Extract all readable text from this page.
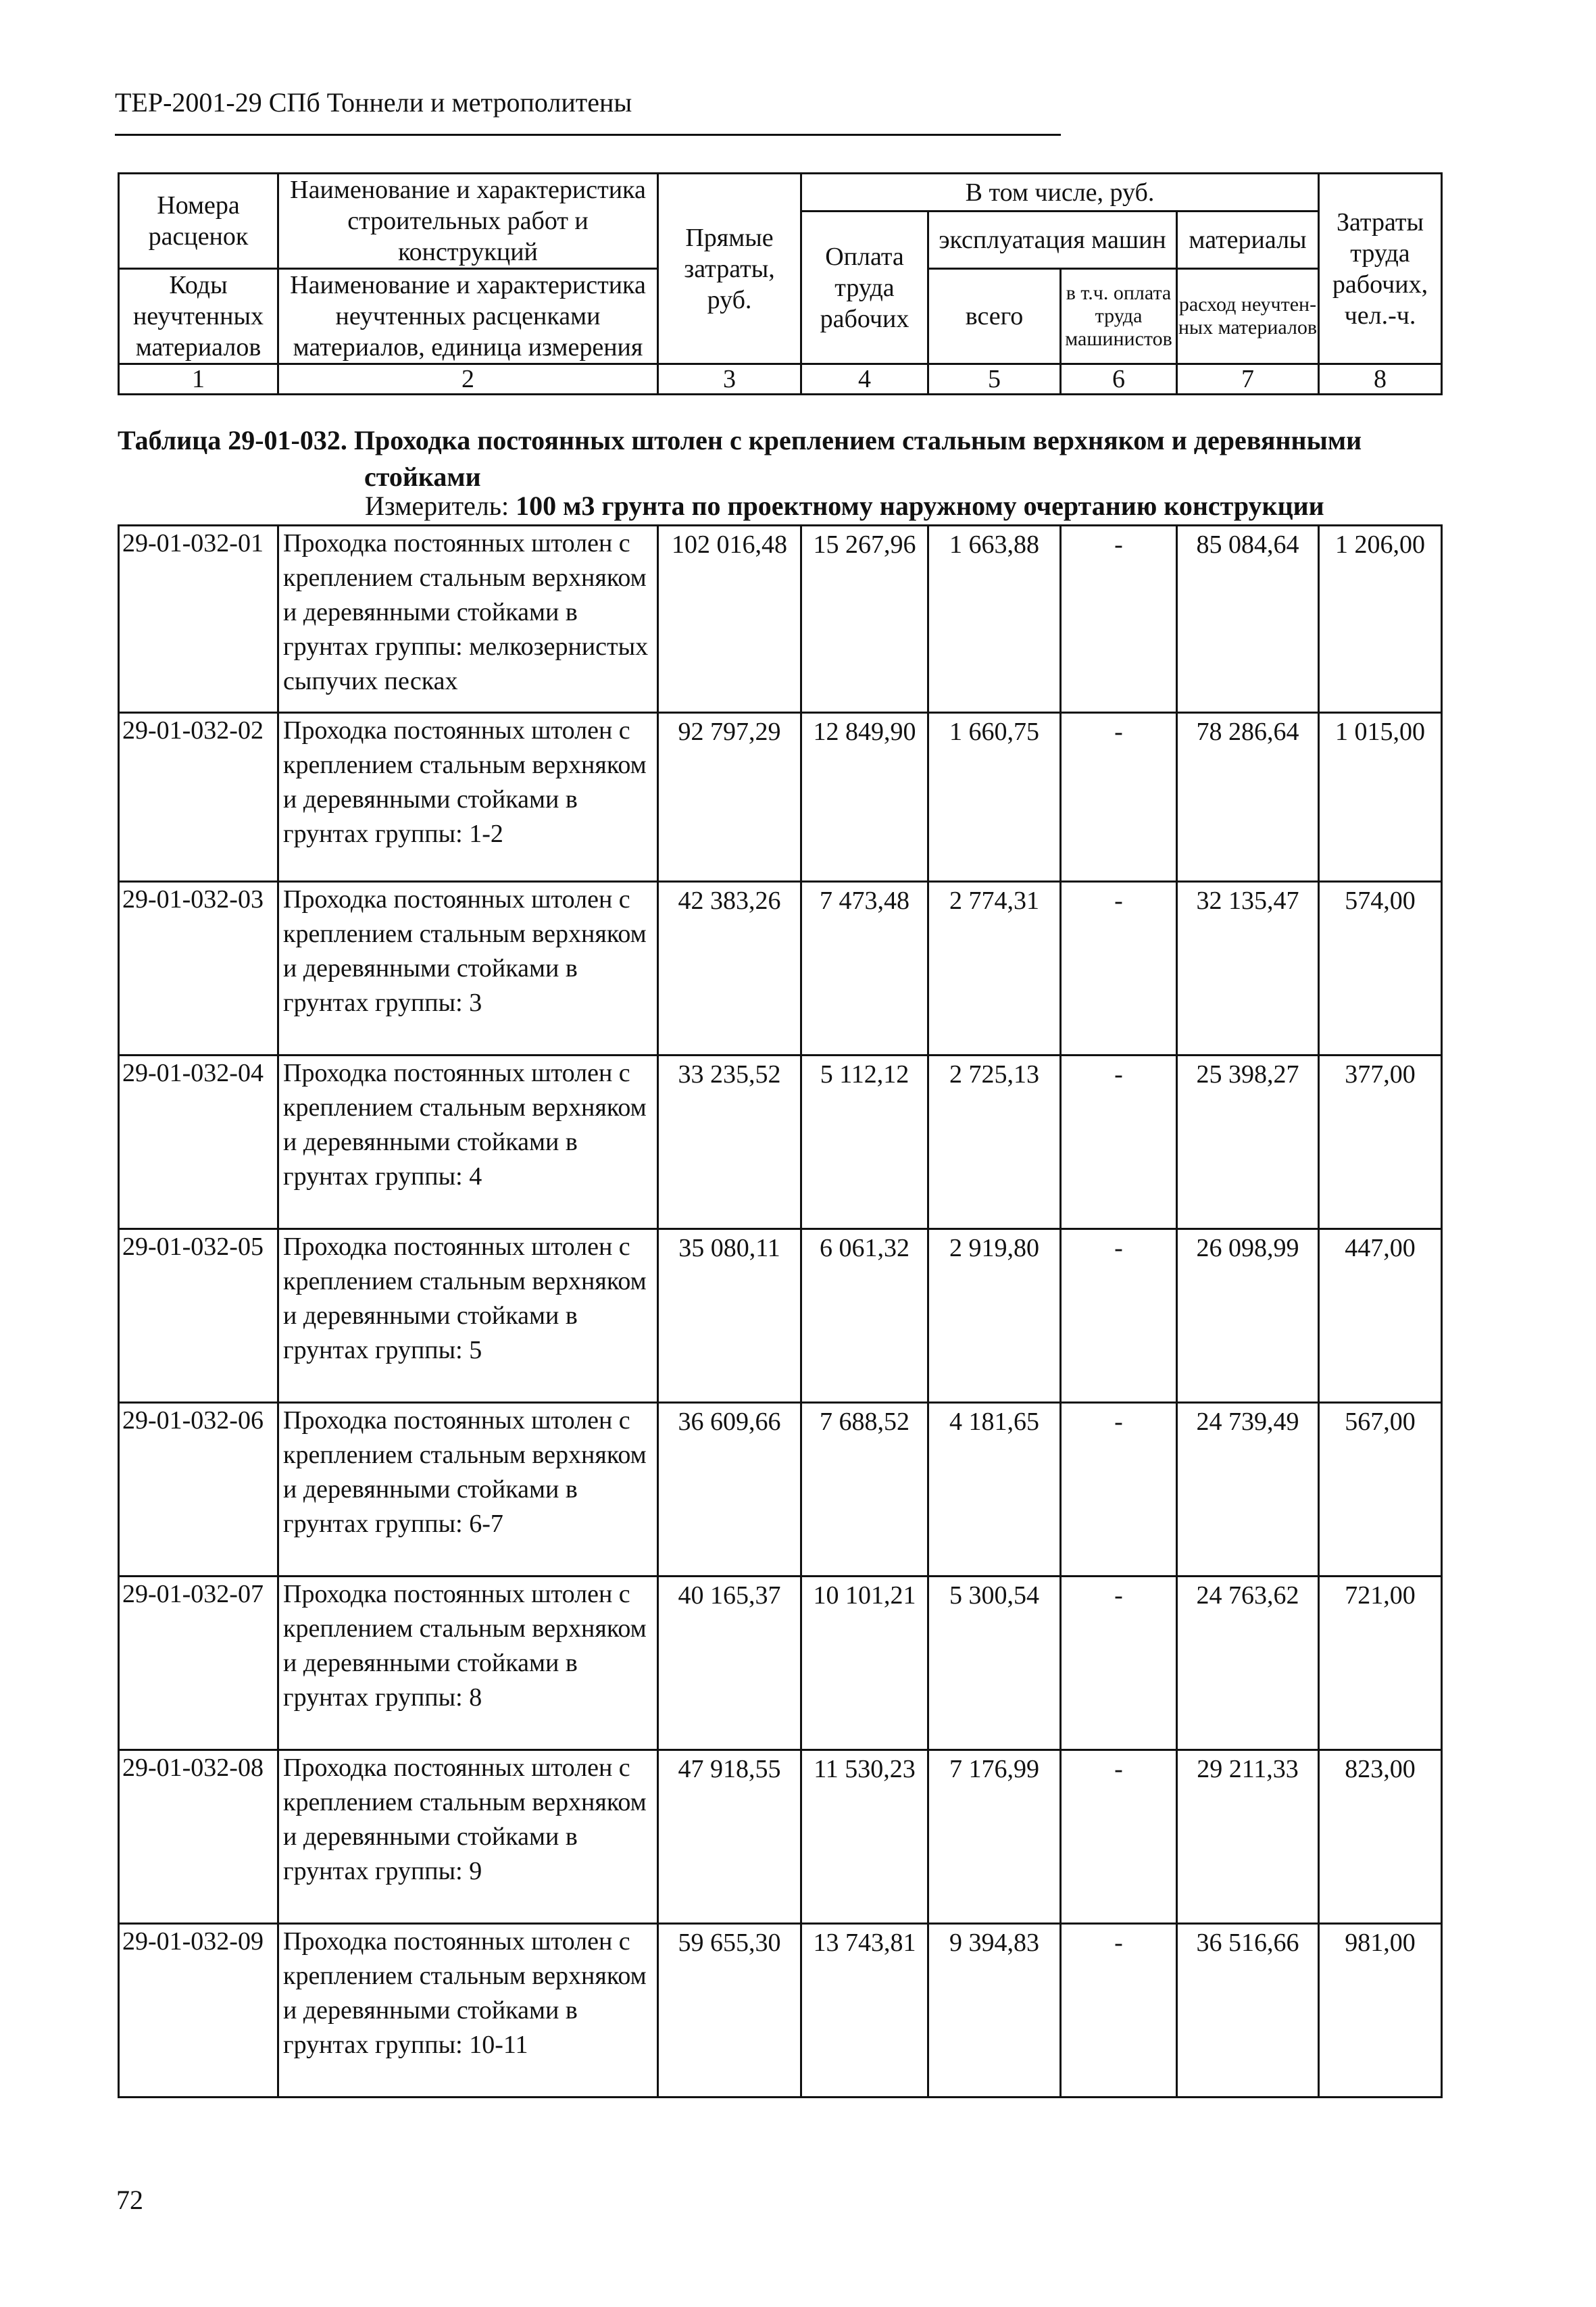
ТЕР-2001-29 СПб Тоннели и метрополитены
Номера расценок	Наименование и характеристика строительных работ и конструкций	Прямые затраты, руб.	В том числе, руб.				Затраты труда рабочих, чел.-ч.
			Оплата труда рабочих	эксплуатация машин		материалы	
Коды неучтенных материалов	Наименование и характеристика неучтенных расценками материалов, единица измерения			всего	в т.ч. оплата труда машинистов	расход неучтен-ных материалов	

1	2	3	4	5	6	7	8
Таблица 29-01-032. Проходка постоянных штолен с креплением стальным верхняком и деревянными
стойками
Измеритель: 100 м3 грунта по проектному наружному очертанию конструкции
29-01-032-01	Проходка постоянных штолен с креплением стальным верхняком и деревянными стойками в грунтах группы: мелкозернистых сыпучих песках	102 016,48	15 267,96	1 663,88	-	85 084,64	1 206,00
29-01-032-02	Проходка постоянных штолен с креплением стальным верхняком и деревянными стойками в грунтах группы: 1-2	92 797,29	12 849,90	1 660,75	-	78 286,64	1 015,00
29-01-032-03	Проходка постоянных штолен с креплением стальным верхняком и деревянными стойками в грунтах группы: 3	42 383,26	7 473,48	2 774,31	-	32 135,47	574,00
29-01-032-04	Проходка постоянных штолен с креплением стальным верхняком и деревянными стойками в грунтах группы: 4	33 235,52	5 112,12	2 725,13	-	25 398,27	377,00
29-01-032-05	Проходка постоянных штолен с креплением стальным верхняком и деревянными стойками в грунтах группы: 5	35 080,11	6 061,32	2 919,80	-	26 098,99	447,00
29-01-032-06	Проходка постоянных штолен с креплением стальным верхняком и деревянными стойками в грунтах группы: 6-7	36 609,66	7 688,52	4 181,65	-	24 739,49	567,00
29-01-032-07	Проходка постоянных штолен с креплением стальным верхняком и деревянными стойками в грунтах группы: 8	40 165,37	10 101,21	5 300,54	-	24 763,62	721,00
29-01-032-08	Проходка постоянных штолен с креплением стальным верхняком и деревянными стойками в грунтах группы: 9	47 918,55	11 530,23	7 176,99	-	29 211,33	823,00
29-01-032-09	Проходка постоянных штолен с креплением стальным верхняком и деревянными стойками в грунтах группы: 10-11	59 655,30	13 743,81	9 394,83	-	36 516,66	981,00
72
